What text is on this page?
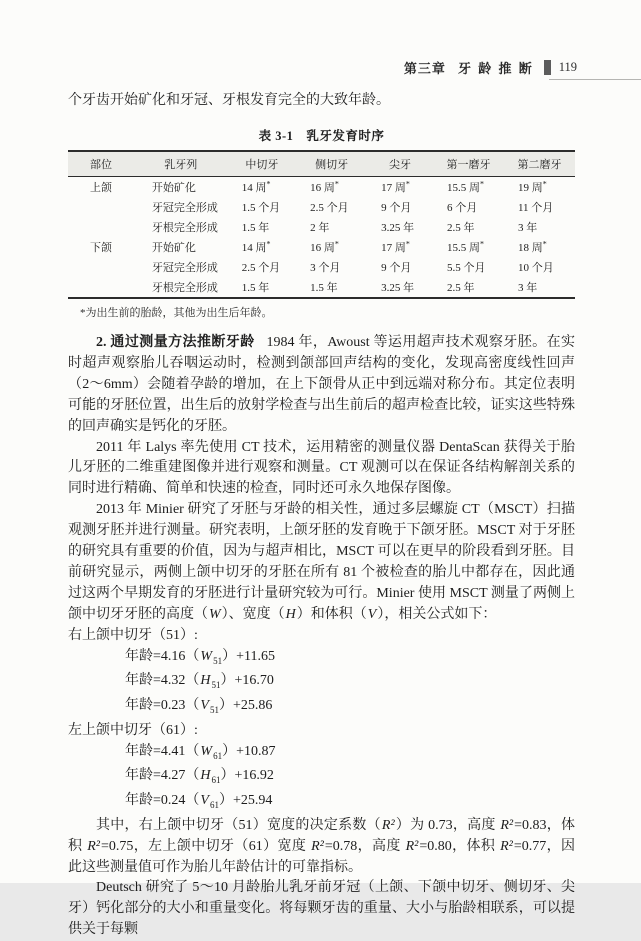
第三章 牙 龄 推 断 119

个牙齿开始矿化和牙冠、牙根发育完全的大致年龄。

表 3-1　乳牙发育时序
部位	乳牙列	中切牙	侧切牙	尖牙	第一磨牙	第二磨牙
上颌	开始矿化	14 周*	16 周*	17 周*	15.5 周*	19 周*
	牙冠完全形成	1.5 个月	2.5 个月	9 个月	6 个月	11 个月
	牙根完全形成	1.5 年	2 年	3.25 年	2.5 年	3 年
下颌	开始矿化	14 周*	16 周*	17 周*	15.5 周*	18 周*
	牙冠完全形成	2.5 个月	3 个月	9 个月	5.5 个月	10 个月
	牙根完全形成	1.5 年	1.5 年	3.25 年	2.5 年	3 年
*为出生前的胎龄，其他为出生后年龄。

2. 通过测量方法推断牙龄 1984 年，Awoust 等运用超声技术观察牙胚。在实时超声观察胎儿吞咽运动时，检测到颌部回声结构的变化，发现高密度线性回声（2～6mm）会随着孕龄的增加，在上下颌骨从正中到远端对称分布。其定位表明可能的牙胚位置，出生后的放射学检查与出生前后的超声检查比较，证实这些特殊的回声确实是钙化的牙胚。

2011 年 Lalys 率先使用 CT 技术，运用精密的测量仪器 DentaScan 获得关于胎儿牙胚的二维重建图像并进行观察和测量。CT 观测可以在保证各结构解剖关系的同时进行精确、简单和快速的检查，同时还可永久地保存图像。

2013 年 Minier 研究了牙胚与牙龄的相关性，通过多层螺旋 CT（MSCT）扫描观测牙胚并进行测量。研究表明，上颌牙胚的发育晚于下颌牙胚。MSCT 对于牙胚的研究具有重要的价值，因为与超声相比，MSCT 可以在更早的阶段看到牙胚。目前研究显示，两侧上颌中切牙的牙胚在所有 81 个被检查的胎儿中都存在，因此通过这两个早期发育的牙胚进行计量研究较为可行。Minier 使用 MSCT 测量了两侧上颌中切牙牙胚的高度（W）、宽度（H）和体积（V），相关公式如下：

右上颌中切牙（51）:
年龄$=4.16(W_{51})+11.65$
年龄$=4.32(H_{51})+16.70$
年龄$=0.23(V_{51})+25.86$
左上颌中切牙（61）:
年龄$=4.41(W_{61})+10.87$
年龄$=4.27(H_{61})+16.92$
年龄$=0.24(V_{61})+25.94$

其中，右上颌中切牙（51）宽度的决定系数（R²）为 0.73，高度 R²=0.83，体积 R²=0.75，左上颌中切牙（61）宽度 R²=0.78，高度 R²=0.80，体积 R²=0.77，因此这些测量值可作为胎儿年龄估计的可靠指标。

Deutsch 研究了 5～10 月龄胎儿乳牙前牙冠（上颌、下颌中切牙、侧切牙、尖牙）钙化部分的大小和重量变化。将每颗牙齿的重量、大小与胎龄相联系，可以提供关于每颗
